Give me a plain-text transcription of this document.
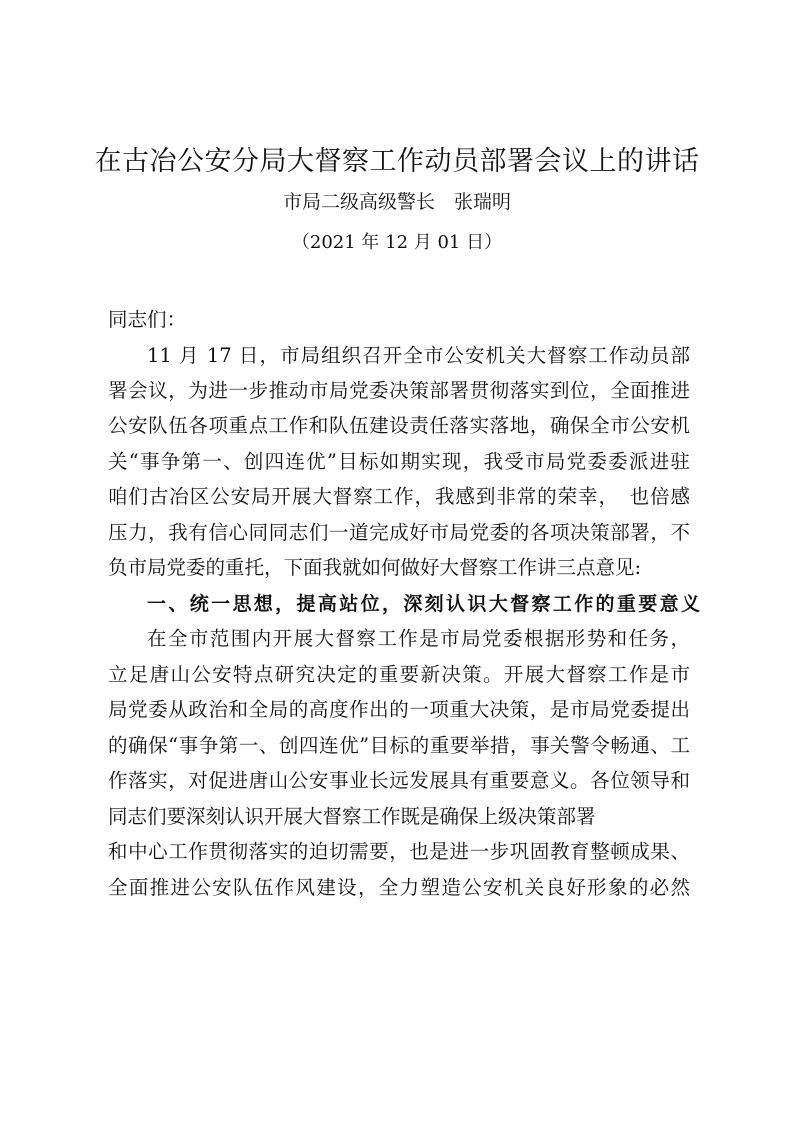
在古冶公安分局大督察工作动员部署会议上的讲话
市局二级高级警长　张瑞明
（2021 年 12 月 01 日）
同志们：
11 月 17 日，市局组织召开全市公安机关大督察工作动员部
署会议，为进一步推动市局党委决策部署贯彻落实到位，全面推进
公安队伍各项重点工作和队伍建设责任落实落地，确保全市公安机
关“事争第一、创四连优”目标如期实现，我受市局党委委派进驻
咱们古冶区公安局开展大督察工作，我感到非常的荣幸，　也倍感
压力，我有信心同同志们一道完成好市局党委的各项决策部署，不
负市局党委的重托，下面我就如何做好大督察工作讲三点意见:
一、统一思想，提高站位，深刻认识大督察工作的重要意义
在全市范围内开展大督察工作是市局党委根据形势和任务，
立足唐山公安特点研究决定的重要新决策。开展大督察工作是市
局党委从政治和全局的高度作出的一项重大决策，是市局党委提出
的确保“事争第一、创四连优”目标的重要举措，事关警令畅通、工
作落实，对促进唐山公安事业长远发展具有重要意义。各位领导和
同志们要深刻认识开展大督察工作既是确保上级决策部署
和中心工作贯彻落实的迫切需要，也是进一步巩固教育整顿成果、
全面推进公安队伍作风建设，全力塑造公安机关良好形象的必然
